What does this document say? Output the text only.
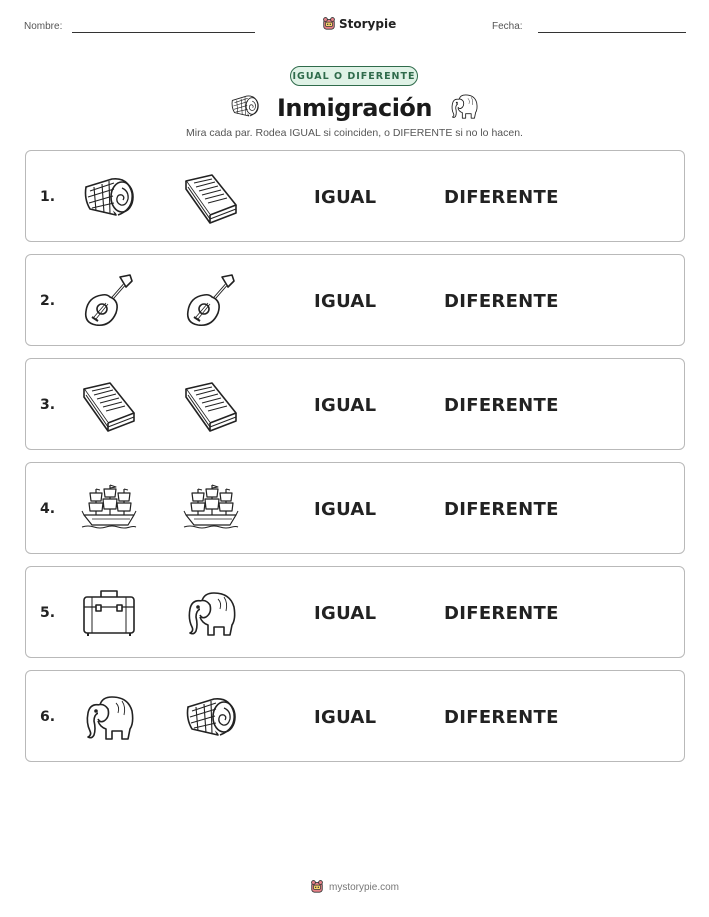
Nombre:	Storypie	Fecha:
IGUAL O DIFERENTE
Inmigración
Mira cada par. Rodea IGUAL si coinciden, o DIFERENTE si no lo hacen.
1.	IGUAL	DIFERENTE
2.	IGUAL	DIFERENTE
3.	IGUAL	DIFERENTE
4.	IGUAL	DIFERENTE
5.	IGUAL	DIFERENTE
6.	IGUAL	DIFERENTE
mystorypie.com
